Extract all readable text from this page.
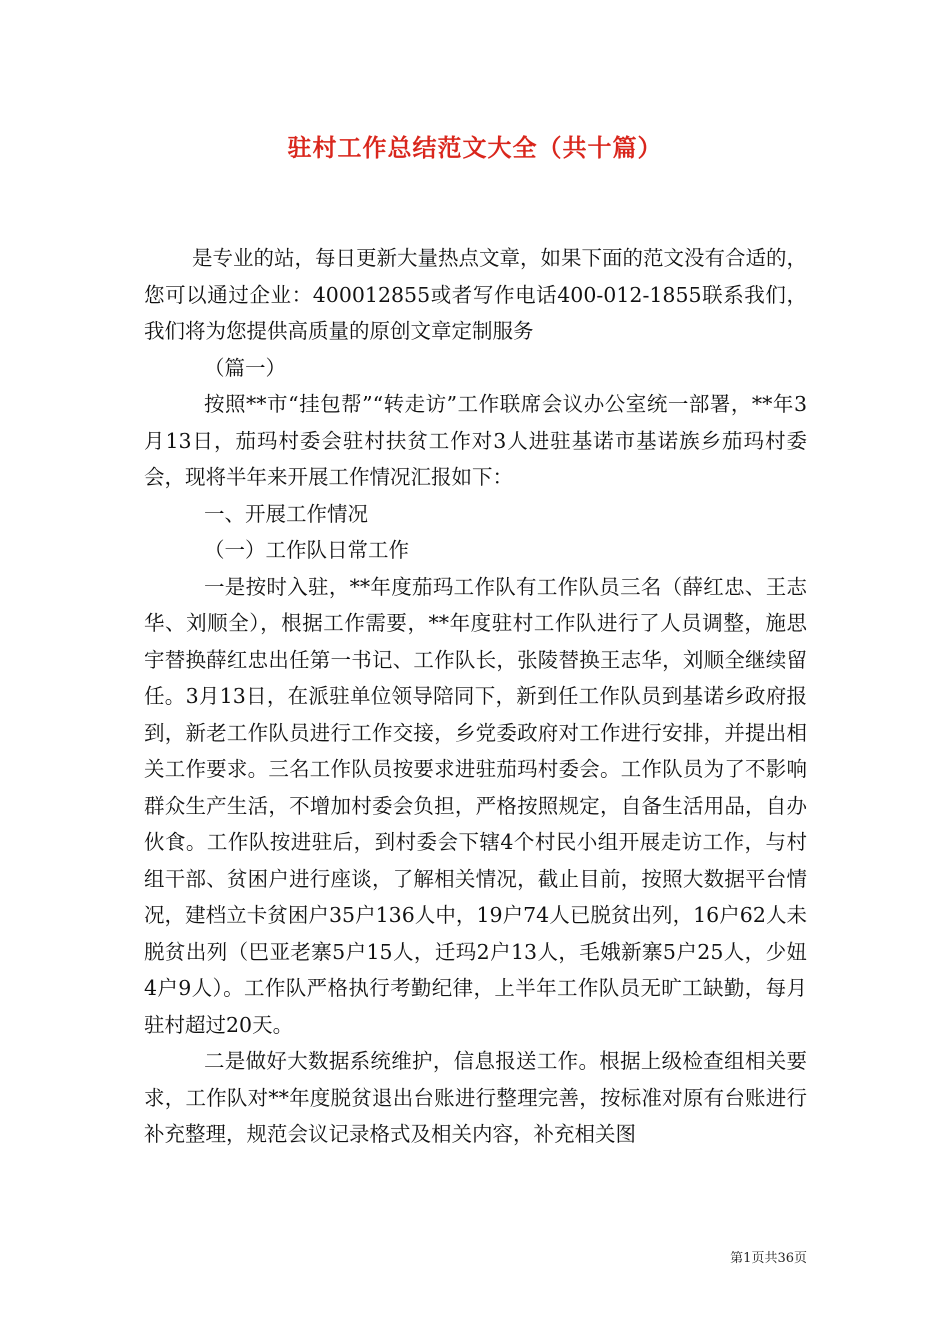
驻村工作总结范文大全（共十篇）

是专业的站，每日更新大量热点文章，如果下面的范文没有合适的，您可以通过企业：400012855或者写作电话400-012-1855联系我们，我们将为您提供高质量的原创文章定制服务

（篇一）

按照**市“挂包帮”“转走访”工作联席会议办公室统一部署，**年3月13日，茄玛村委会驻村扶贫工作对3人进驻基诺市基诺族乡茄玛村委会，现将半年来开展工作情况汇报如下：

一、开展工作情况

（一）工作队日常工作

一是按时入驻，**年度茄玛工作队有工作队员三名（薛红忠、王志华、刘顺全），根据工作需要，**年度驻村工作队进行了人员调整，施思宇替换薛红忠出任第一书记、工作队长，张陵替换王志华，刘顺全继续留任。3月13日，在派驻单位领导陪同下，新到任工作队员到基诺乡政府报到，新老工作队员进行工作交接，乡党委政府对工作进行安排，并提出相关工作要求。三名工作队员按要求进驻茄玛村委会。工作队员为了不影响群众生产生活，不增加村委会负担，严格按照规定，自备生活用品，自办伙食。工作队按进驻后，到村委会下辖4个村民小组开展走访工作，与村组干部、贫困户进行座谈，了解相关情况，截止目前，按照大数据平台情况，建档立卡贫困户35户136人中，19户74人已脱贫出列，16户62人未脱贫出列（巴亚老寨5户15人，迁玛2户13人，毛娥新寨5户25人，少妞4户9人）。工作队严格执行考勤纪律，上半年工作队员无旷工缺勤，每月驻村超过20天。

二是做好大数据系统维护，信息报送工作。根据上级检查组相关要求，工作队对**年度脱贫退出台账进行整理完善，按标准对原有台账进行补充整理，规范会议记录格式及相关内容，补充相关图

第1页共36页
